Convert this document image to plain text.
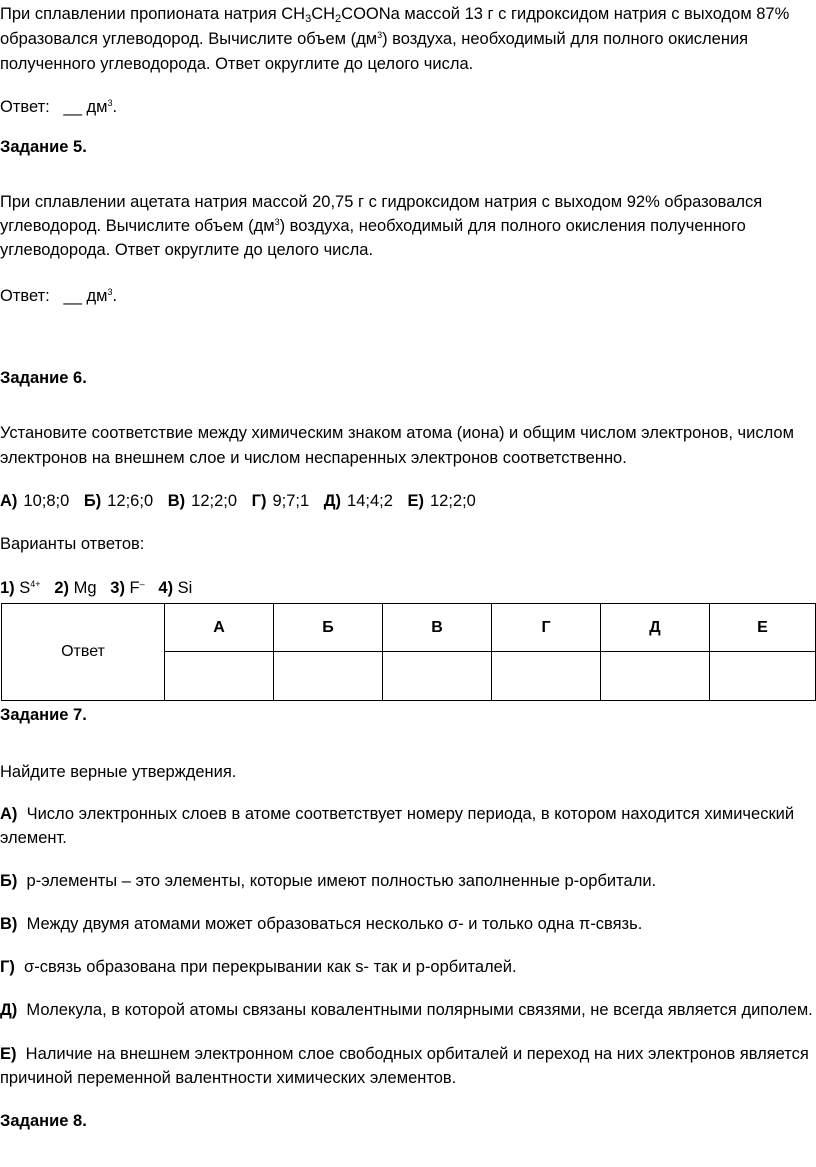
При сплавлении пропионата натрия $CH_3CH_2COONa$ массой 13 г с гидроксидом натрия с выходом 87%
образовался углеводород. Вычислите объем $(дм^3)$ воздуха, необходимый для полного окисления
полученного углеводорода. Ответ округлите до целого числа.
Ответ: __ $дм^3$.
Задание 5.
При сплавлении ацетата натрия массой 20,75 г с гидроксидом натрия с выходом 92% образовался
углеводород. Вычислите объем $(дм^3)$ воздуха, необходимый для полного окисления полученного
углеводорода. Ответ округлите до целого числа.
Ответ: __ $дм^3$.
Задание 6.
Установите соответствие между химическим знаком атома (иона) и общим числом электронов, числом
электронов на внешнем слое и числом неспаренных электронов соответственно.
А) 10;8;0 Б) 12;6;0 В) 12;2;0 Г) 9;7;1 Д) 14;4;2 Е) 12;2;0
Варианты ответов:
1) $S^{4+}$ 2) Mg 3) F– 4) Si
Ответ	А	Б	В	Г	Д	Е

Задание 7.
Найдите верные утверждения.
А) Число электронных слоев в атоме соответствует номеру периода, в котором находится химический
элемент.
Б) p-элементы – это элементы, которые имеют полностью заполненные p-орбитали.
В) Между двумя атомами может образоваться несколько σ- и только одна π-связь.
Г) σ-связь образована при перекрывании как s- так и p-орбиталей.
Д) Молекула, в которой атомы связаны ковалентными полярными связями, не всегда является диполем.
Е) Наличие на внешнем электронном слое свободных орбиталей и переход на них электронов является
причиной переменной валентности химических элементов.
Задание 8.
